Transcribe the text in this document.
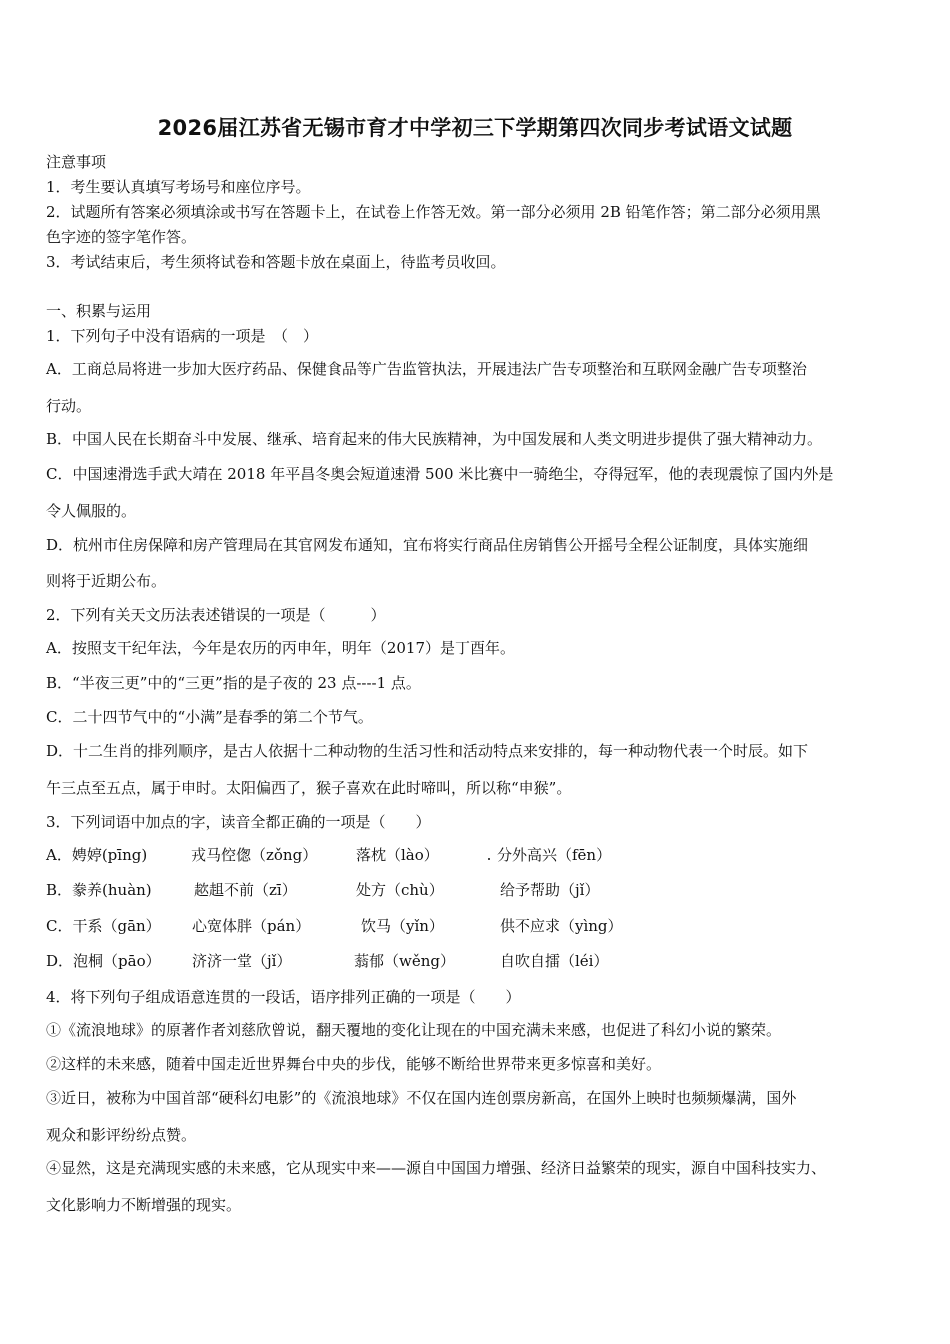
2026届江苏省无锡市育才中学初三下学期第四次同步考试语文试题
注意事项
1．考生要认真填写考场号和座位序号。
2．试题所有答案必须填涂或书写在答题卡上，在试卷上作答无效。第一部分必须用 2B 铅笔作答；第二部分必须用黑
色字迹的签字笔作答。
3．考试结束后，考生须将试卷和答题卡放在桌面上，待监考员收回。
一、积累与运用
1．下列句子中没有语病的一项是　（　）
A．工商总局将进一步加大医疗药品、保健食品等广告监管执法，开展违法广告专项整治和互联网金融广告专项整治
行动。
B．中国人民在长期奋斗中发展、继承、培育起来的伟大民族精神，为中国发展和人类文明进步提供了强大精神动力。
C．中国速滑选手武大靖在 2018 年平昌冬奥会短道速滑 500 米比赛中一骑绝尘，夺得冠军，他的表现震惊了国内外是
令人佩服的。
D．杭州市住房保障和房产管理局在其官网发布通知，宜布将实行商品住房销售公开摇号全程公证制度，具体实施细
则将于近期公布。
2．下列有关天文历法表述错误的一项是（　　　）
A．按照支干纪年法，今年是农历的丙申年，明年（2017）是丁酉年。
B．“半夜三更”中的“三更”指的是子夜的 23 点----1 点。
C．二十四节气中的“小满”是春季的第二个节气。
D．十二生肖的排列顺序，是古人依据十二种动物的生活习性和活动特点来安排的，每一种动物代表一个时辰。如下
午三点至五点，属于申时。太阳偏西了，猴子喜欢在此时啼叫，所以称“申猴”。
3．下列词语中加点的字，读音全都正确的一项是（　　）
A．娉婷(pīng)	戎马倥偬（zǒng）	落枕（lào）	分外高兴（fēn）
B．豢养(huàn)	趑趄不前（zī）	处方（chù）	给予帮助（jǐ）
C．干系（gān） 心宽体胖（pán）	饮马（yǐn）	供不应求（yìng）
D．泡桐（pāo） 济济一堂（jǐ）	蓊郁（wěng）	自吹自擂（léi）
4．将下列句子组成语意连贯的一段话，语序排列正确的一项是（　　）
①《流浪地球》的原著作者刘慈欣曾说，翻天覆地的变化让现在的中国充满未来感，也促进了科幻小说的繁荣。
②这样的未来感，随着中国走近世界舞台中央的步伐，能够不断给世界带来更多惊喜和美好。
③近日，被称为中国首部“硬科幻电影”的《流浪地球》不仅在国内连创票房新高，在国外上映时也频频爆满，国外
观众和影评纷纷点赞。
④显然，这是充满现实感的未来感，它从现实中来——源自中国国力增强、经济日益繁荣的现实，源自中国科技实力、
文化影响力不断增强的现实。
